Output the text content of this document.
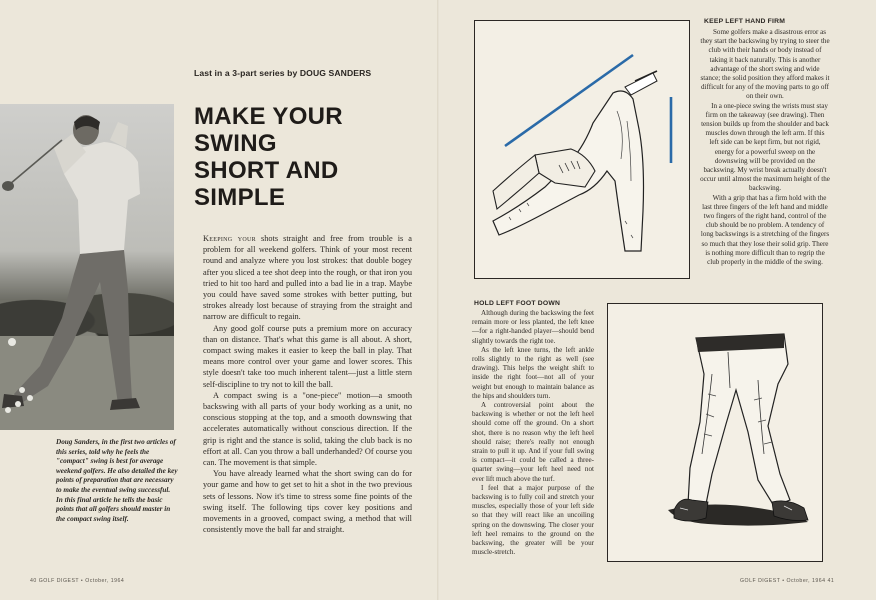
Doug Sanders, in the first two articles of this series, told why he feels the "compact" swing is best for average weekend golfers. He also detailed the key points of preparation that are necessary to make the eventual swing successful. In this final article he tells the basic points that all golfers should master in the compact swing itself.
Last in a 3-part series by DOUG SANDERS
MAKE YOUR
SWING
SHORT AND
SIMPLE

Keeping your shots straight and free from trouble is a problem for all weekend golfers. Think of your most recent round and analyze where you lost strokes: that double bogey after you sliced a tee shot deep into the rough, or that iron you tried to hit too hard and pulled into a bad lie in a trap. Maybe you could have saved some strokes with better putting, but strokes already lost because of straying from the straight and narrow are difficult to regain.

Any good golf course puts a premium more on accuracy than on distance. That's what this game is all about. A short, compact swing makes it easier to keep the ball in play. That means more control over your game and lower scores. This style doesn't take too much inherent talent—just a little stern self-discipline to try not to kill the ball.

A compact swing is a "one-piece" motion—a smooth backswing with all parts of your body working as a unit, no conscious stopping at the top, and a smooth downswing that accelerates automatically without conscious direction. If the grip is right and the stance is solid, taking the club back is no effort at all. Can you throw a ball underhanded? Of course you can. The movement is that simple.

You have already learned what the short swing can do for your game and how to get set to hit a shot in the two previous sets of lessons. Now it's time to stress some fine points of the swing itself. The following tips cover key positions and movements in a grooved, compact swing, a method that will consistently move the ball far and straight.

40 GOLF DIGEST • October, 1964
KEEP LEFT HAND FIRM

Some golfers make a disastrous error as they start the backswing by trying to steer the club with their hands or body instead of taking it back naturally. This is another advantage of the short swing and wide stance; the solid position they afford makes it difficult for any of the moving parts to go off on their own.

In a one-piece swing the wrists must stay firm on the takeaway (see drawing). Then tension builds up from the shoulder and back muscles down through the left arm. If this left side can be kept firm, but not rigid, energy for a powerful sweep on the downswing will be provided on the backswing. My wrist break actually doesn't occur until almost the maximum height of the backswing.

With a grip that has a firm hold with the last three fingers of the left hand and middle two fingers of the right hand, control of the club should be no problem. A tendency of long backswings is a stretching of the fingers so much that they lose their solid grip. There is nothing more difficult than to regrip the club properly in the middle of the swing.

HOLD LEFT FOOT DOWN

Although during the backswing the feet remain more or less planted, the left knee—for a right-handed player—should bend slightly towards the right toe.

As the left knee turns, the left ankle rolls slightly to the right as well (see drawing). This helps the weight shift to inside the right foot—not all of your weight but enough to maintain balance as the hips and shoulders turn.

A controversial point about the backswing is whether or not the left heel should come off the ground. On a short shot, there is no reason why the left heel should raise; there's really not enough strain to pull it up. And if your full swing is compact—it could be called a three-quarter swing—your left heel need not ever lift much above the turf.

I feel that a major purpose of the backswing is to fully coil and stretch your muscles, especially those of your left side so that they will react like an uncoiling spring on the downswing. The closer your left heel remains to the ground on the backswing, the greater will be your muscle-stretch.

GOLF DIGEST • October, 1964 41
